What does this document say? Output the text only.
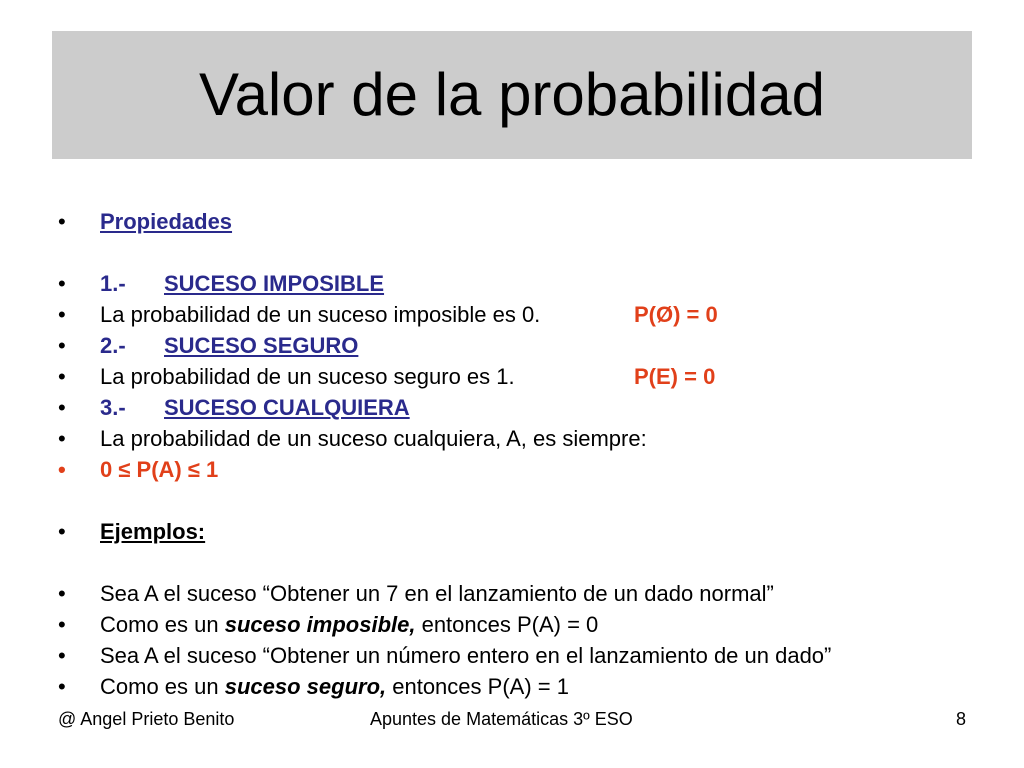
Valor de la probabilidad
•	Propiedades
•	1.- SUCESO IMPOSIBLE
•	La probabilidad de un suceso imposible es 0.	P(Ø) = 0
•	2.- SUCESO SEGURO
•	La probabilidad de un suceso seguro es 1.	P(E) = 0
•	3.- SUCESO CUALQUIERA
•	La probabilidad de un suceso cualquiera, A, es siempre:
•	0 ≤ P(A) ≤ 1
•	Ejemplos:
•	Sea A el suceso “Obtener un 7 en el lanzamiento de un dado normal”
•	Como es un suceso imposible, entonces P(A) = 0
•	Sea A el suceso “Obtener un número entero en el lanzamiento de un dado”
•	Como es un suceso seguro, entonces P(A) = 1
@ Angel Prieto Benito	Apuntes de Matemáticas 3º ESO	8
